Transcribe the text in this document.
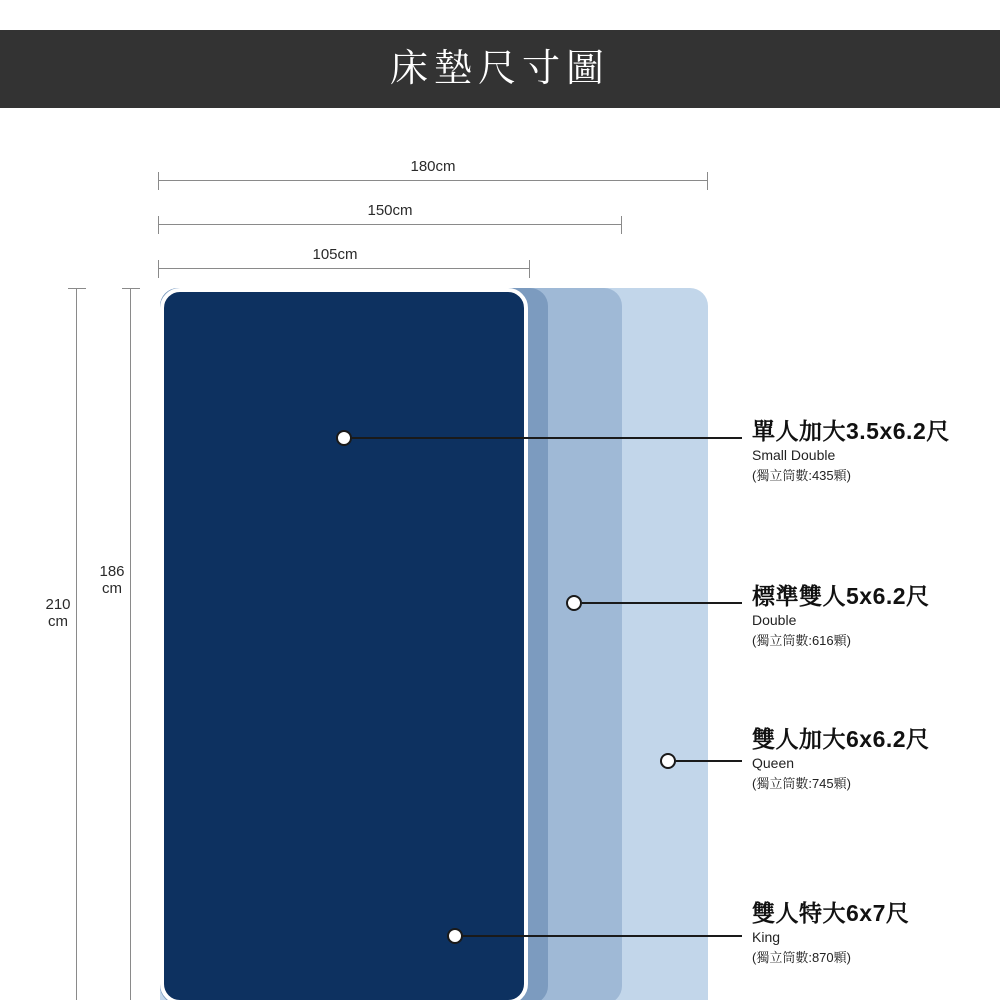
床墊尺寸圖
180cm
150cm
105cm
210
cm
186
cm
單人加大3.5x6.2尺
Small Double
(獨立筒數:435顆)
標準雙人5x6.2尺
Double
(獨立筒數:616顆)
雙人加大6x6.2尺
Queen
(獨立筒數:745顆)
雙人特大6x7尺
King
(獨立筒數:870顆)
